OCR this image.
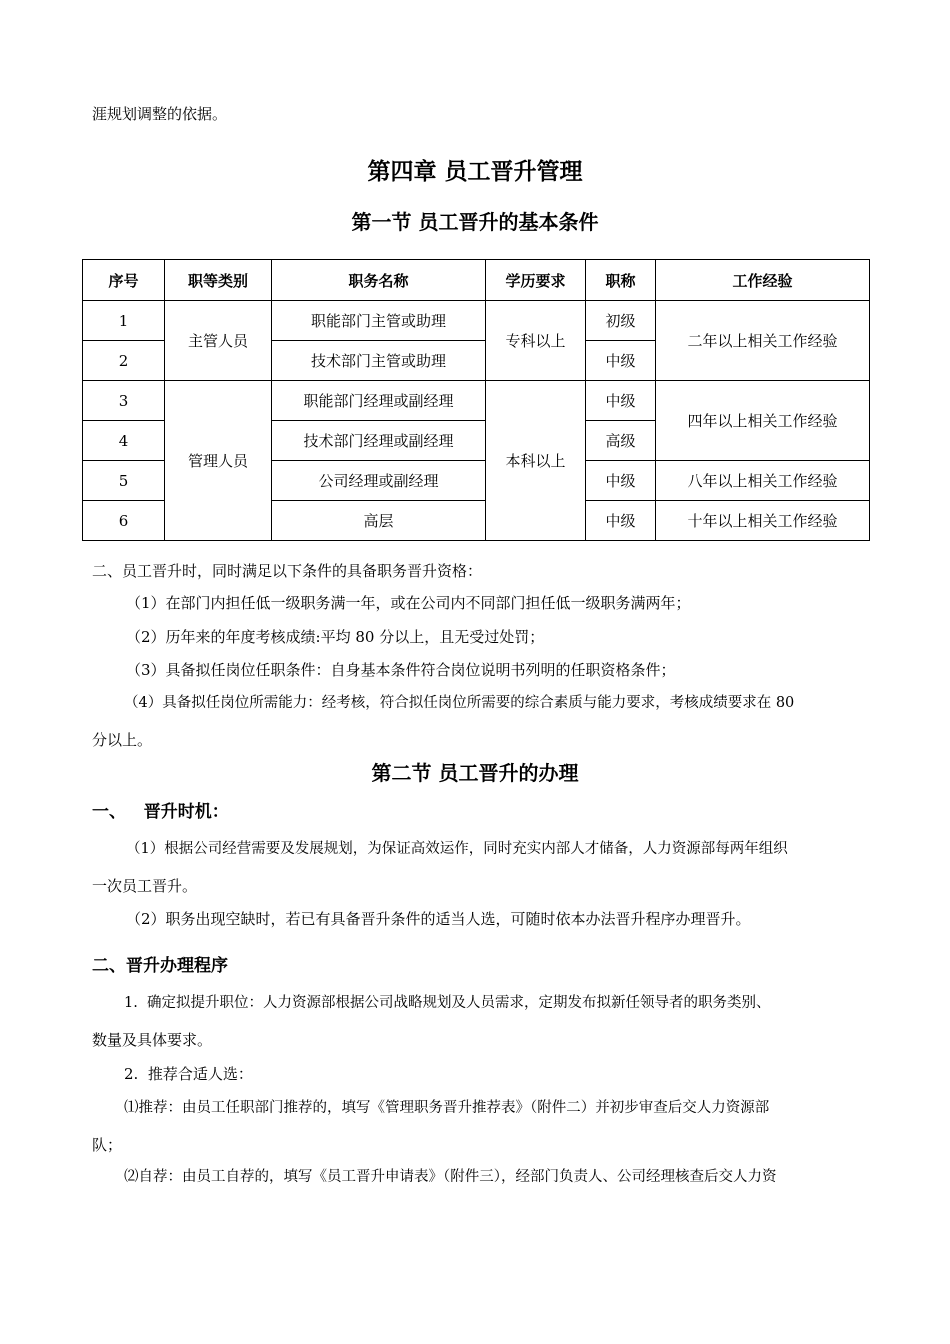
涯规划调整的依据。
第四章 员工晋升管理
第一节 员工晋升的基本条件
序号	职等类别	职务名称	学历要求	职称	工作经验
1	主管人员	职能部门主管或助理	专科以上	初级	二年以上相关工作经验
2		技术部门主管或助理		中级	
3	管理人员	职能部门经理或副经理	本科以上	中级	四年以上相关工作经验
4		技术部门经理或副经理		高级	
5		公司经理或副经理		中级	八年以上相关工作经验
6		高层		中级	十年以上相关工作经验
二、员工晋升时，同时满足以下条件的具备职务晋升资格：
（1）在部门内担任低一级职务满一年，或在公司内不同部门担任低一级职务满两年；
（2）历年来的年度考核成绩:平均 80 分以上，且无受过处罚；
（3）具备拟任岗位任职条件：自身基本条件符合岗位说明书列明的任职资格条件；
（4）具备拟任岗位所需能力：经考核，符合拟任岗位所需要的综合素质与能力要求，考核成绩要求在 80
分以上。
第二节 员工晋升的办理
一、   晋升时机：
（1）根据公司经营需要及发展规划，为保证高效运作，同时充实内部人才储备，人力资源部每两年组织
一次员工晋升。
（2）职务出现空缺时，若已有具备晋升条件的适当人选，可随时依本办法晋升程序办理晋升。
二、晋升办理程序
1.  确定拟提升职位：人力资源部根据公司战略规划及人员需求，定期发布拟新任领导者的职务类别、
数量及具体要求。
2.  推荐合适人选：
⑴推荐：由员工任职部门推荐的，填写《管理职务晋升推荐表》（附件二）并初步审查后交人力资源部
队；
⑵自荐：由员工自荐的，填写《员工晋升申请表》（附件三），经部门负责人、公司经理核查后交人力资
